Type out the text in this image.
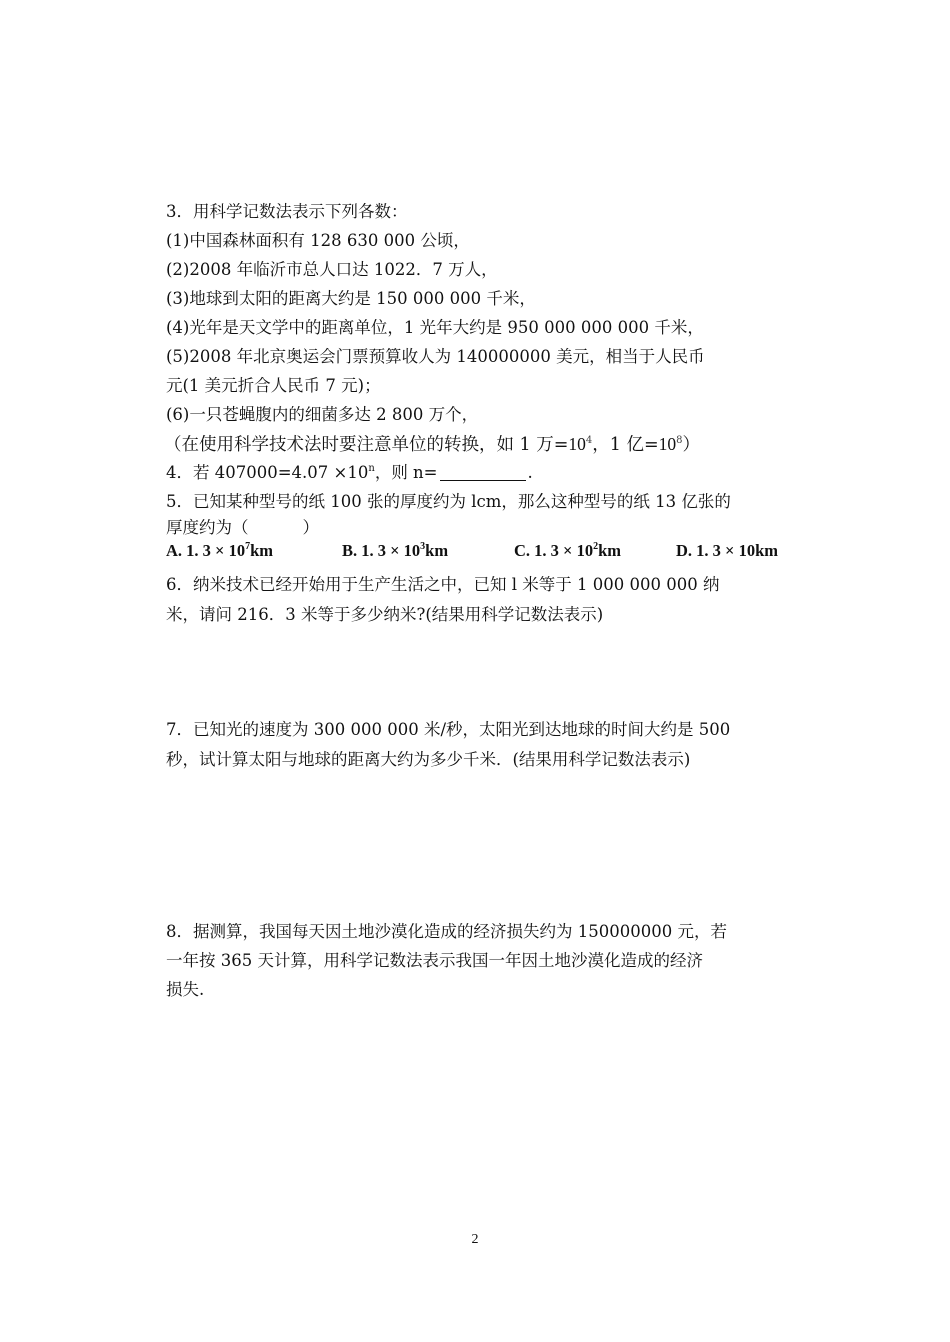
3．用科学记数法表示下列各数：
(1)中国森林面积有 128 630 000 公顷，
(2)2008 年临沂市总人口达 1022．7 万人，
(3)地球到太阳的距离大约是 150 000 000 千米，
(4)光年是天文学中的距离单位，1 光年大约是 950 000 000 000 千米，
(5)2008 年北京奥运会门票预算收人为 140000000 美元，相当于人民币
元(1 美元折合人民币 7 元)；
(6)一只苍蝇腹内的细菌多达 2 800 万个，
（在使用科学技术法时要注意单位的转换，如 1 万$=10^4$，1 亿$=10^8$）
4．若 $407000=4.07 \times 10^n$，则 n=	.
5．已知某种型号的纸 100 张的厚度约为 lcm，那么这种型号的纸 13 亿张的
厚度约为（	）
A. 1. $3 \times 10^7km$	B. 1. $3 \times 10^3km$	C. 1. $3 \times 10^2km$	D. 1. 3 × 10km
6．纳米技术已经开始用于生产生活之中，已知 l 米等于 1 000 000 000 纳
米，请问 216．3 米等于多少纳米?(结果用科学记数法表示)
7．已知光的速度为 300 000 000 米/秒，太阳光到达地球的时间大约是 500
秒，试计算太阳与地球的距离大约为多少千米．(结果用科学记数法表示)
8．据测算，我国每天因土地沙漠化造成的经济损失约为 150000000 元，若
一年按 365 天计算，用科学记数法表示我国一年因土地沙漠化造成的经济
损失.
2
